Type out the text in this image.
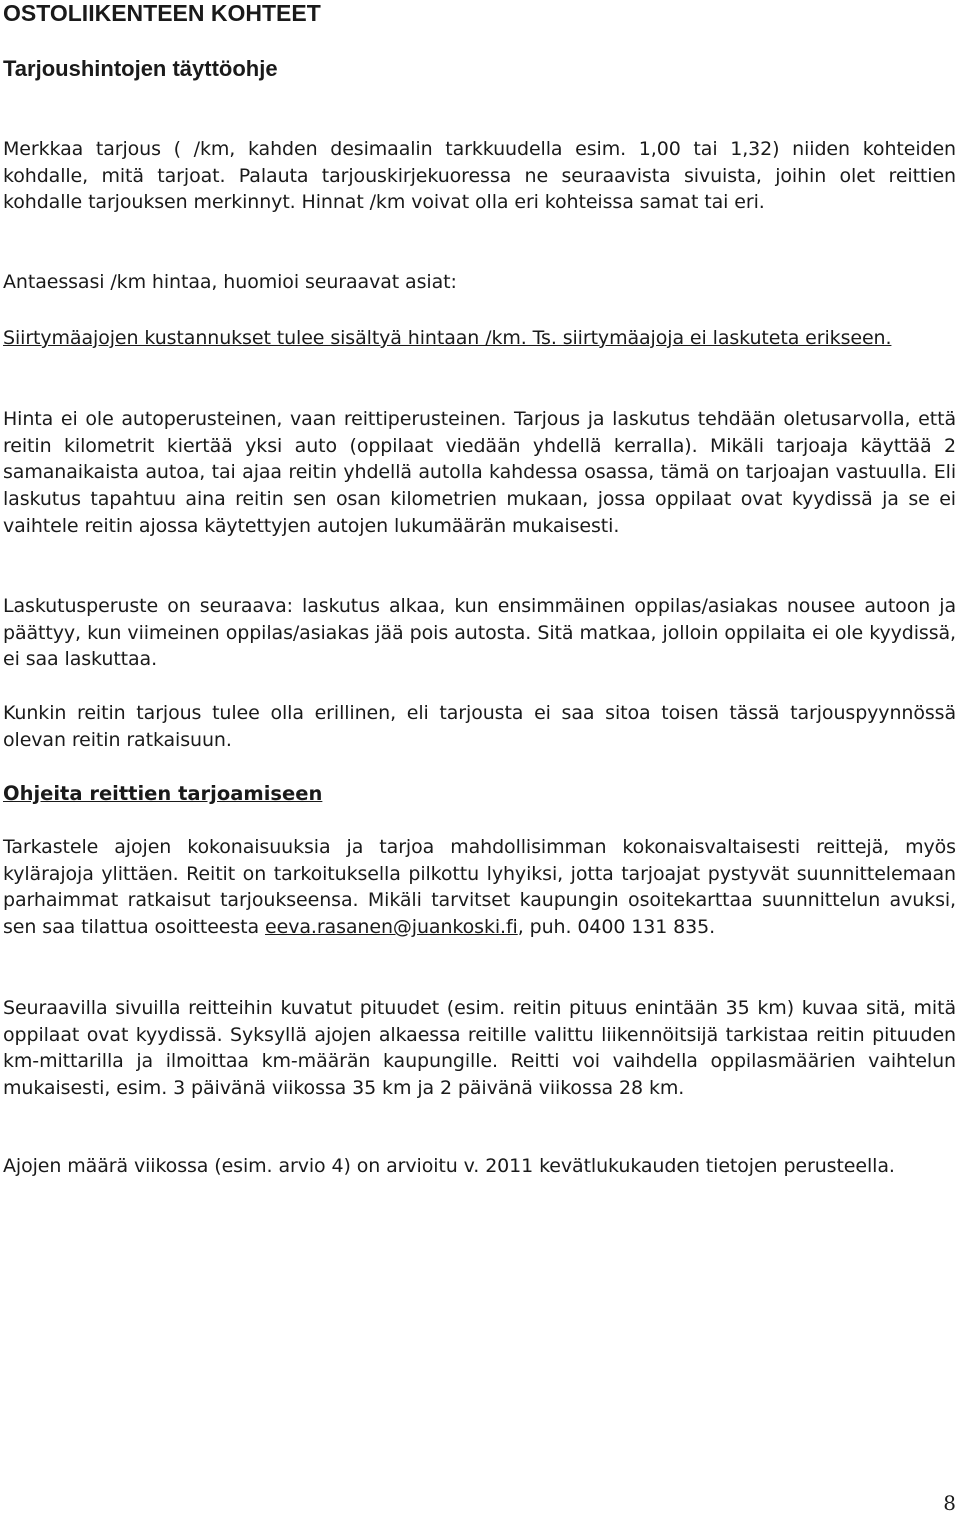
OSTOLIIKENTEEN KOHTEET
Tarjoushintojen täyttöohje

Merkkaa tarjous ( /km, kahden desimaalin tarkkuudella esim. 1,00 tai 1,32) niiden kohteiden kohdalle, mitä tarjoat. Palauta tarjouskirjekuoressa ne seuraavista sivuista, joihin olet reittien kohdalle tarjouksen merkinnyt. Hinnat /km voivat olla eri kohteissa samat tai eri.

Antaessasi /km hintaa, huomioi seuraavat asiat:

Siirtymäajojen kustannukset tulee sisältyä hintaan /km. Ts. siirtymäajoja ei laskuteta erikseen.

Hinta ei ole autoperusteinen, vaan reittiperusteinen. Tarjous ja laskutus tehdään oletusarvolla, että reitin kilometrit kiertää yksi auto (oppilaat viedään yhdellä kerralla). Mikäli tarjoaja käyttää 2 samanaikaista autoa, tai ajaa reitin yhdellä autolla kahdessa osassa, tämä on tarjoajan vastuulla. Eli laskutus tapahtuu aina reitin sen osan kilometrien mukaan, jossa oppilaat ovat kyydissä ja se ei vaihtele reitin ajossa käytettyjen autojen lukumäärän mukaisesti.

Laskutusperuste on seuraava: laskutus alkaa, kun ensimmäinen oppilas/asiakas nousee autoon ja päättyy, kun viimeinen oppilas/asiakas jää pois autosta. Sitä matkaa, jolloin oppilaita ei ole kyydissä, ei saa laskuttaa.

Kunkin reitin tarjous tulee olla erillinen, eli tarjousta ei saa sitoa toisen tässä tarjouspyynnössä olevan reitin ratkaisuun.

Ohjeita reittien tarjoamiseen

Tarkastele ajojen kokonaisuuksia ja tarjoa mahdollisimman kokonaisvaltaisesti reittejä, myös kylärajoja ylittäen. Reitit on tarkoituksella pilkottu lyhyiksi, jotta tarjoajat pystyvät suunnittelemaan parhaimmat ratkaisut tarjoukseensa. Mikäli tarvitset kaupungin osoitekarttaa suunnittelun avuksi, sen saa tilattua osoitteesta eeva.rasanen@juankoski.fi, puh. 0400 131 835.

Seuraavilla sivuilla reitteihin kuvatut pituudet (esim. reitin pituus enintään 35 km) kuvaa sitä, mitä oppilaat ovat kyydissä. Syksyllä ajojen alkaessa reitille valittu liikennöitsijä tarkistaa reitin pituuden km-mittarilla ja ilmoittaa km-määrän kaupungille. Reitti voi vaihdella oppilasmäärien vaihtelun mukaisesti, esim. 3 päivänä viikossa 35 km ja 2 päivänä viikossa 28 km.

Ajojen määrä viikossa (esim. arvio 4) on arvioitu v. 2011 kevätlukukauden tietojen perusteella.

8
